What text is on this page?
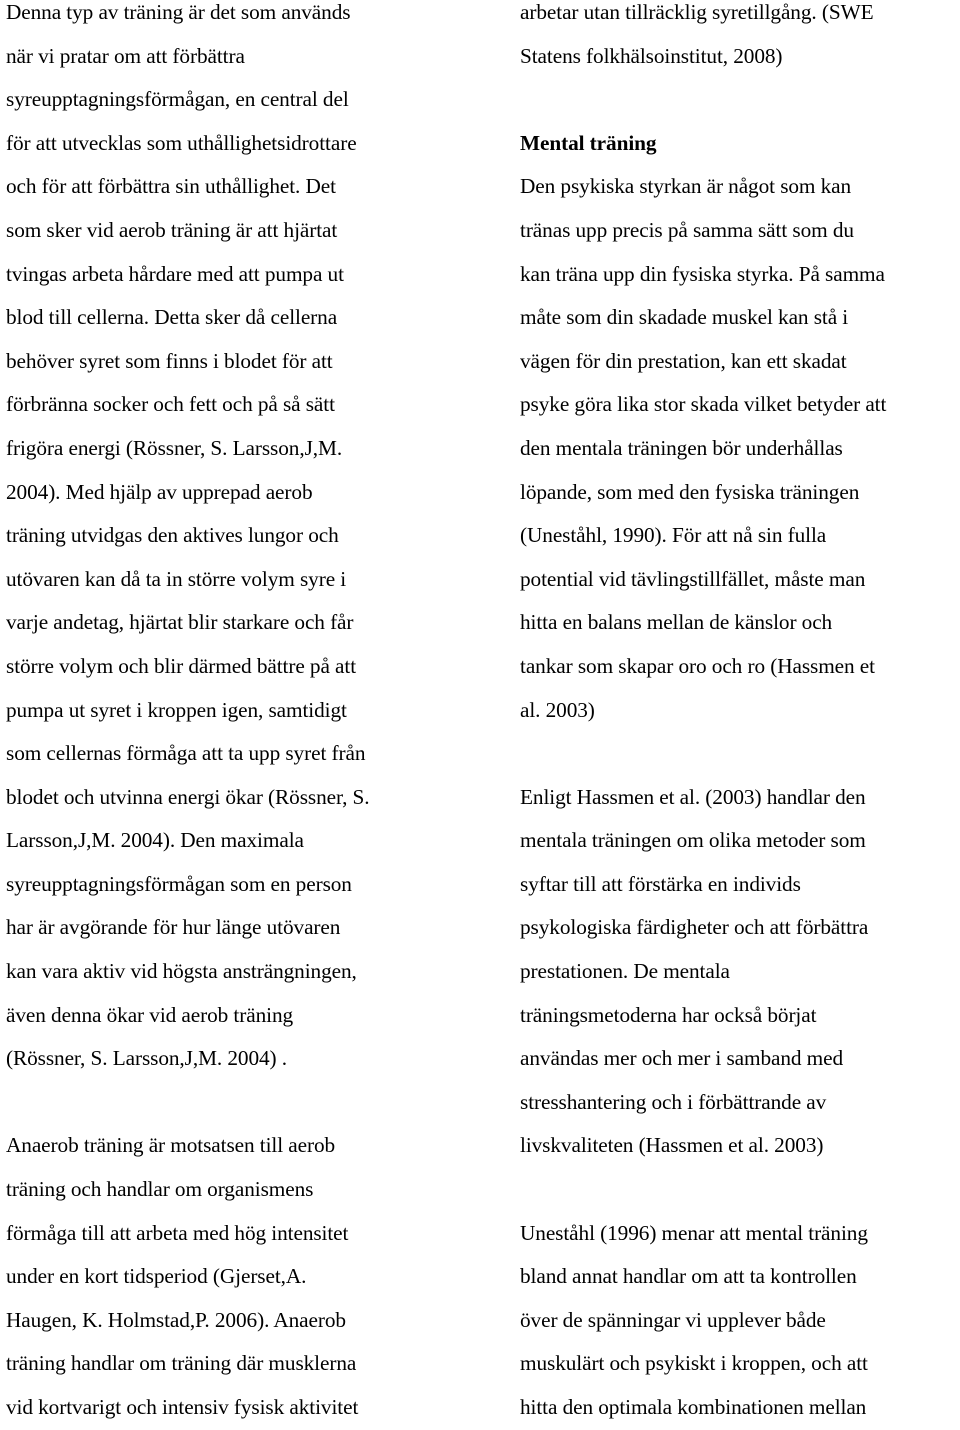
Denna typ av träning är det som används
när vi pratar om att förbättra
syreupptagningsförmågan, en central del
för att utvecklas som uthållighetsidrottare
och för att förbättra sin uthållighet. Det
som sker vid aerob träning är att hjärtat
tvingas arbeta hårdare med att pumpa ut
blod till cellerna. Detta sker då cellerna
behöver syret som finns i blodet för att
förbränna socker och fett och på så sätt
frigöra energi (Rössner, S. Larsson,J,M.
2004). Med hjälp av upprepad aerob
träning utvidgas den aktives lungor och
utövaren kan då ta in större volym syre i
varje andetag, hjärtat blir starkare och får
större volym och blir därmed bättre på att
pumpa ut syret i kroppen igen, samtidigt
som cellernas förmåga att ta upp syret från
blodet och utvinna energi ökar (Rössner, S.
Larsson,J,M. 2004). Den maximala
syreupptagningsförmågan som en person
har är avgörande för hur länge utövaren
kan vara aktiv vid högsta ansträngningen,
även denna ökar vid aerob träning
(Rössner, S. Larsson,J,M. 2004) .
Anaerob träning är motsatsen till aerob
träning och handlar om organismens
förmåga till att arbeta med hög intensitet
under en kort tidsperiod (Gjerset,A.
Haugen, K. Holmstad,P. 2006). Anaerob
träning handlar om träning där musklerna
vid kortvarigt och intensiv fysisk aktivitet
arbetar utan tillräcklig syretillgång. (SWE
Statens folkhälsoinstitut, 2008)
Mental träning
Den psykiska styrkan är något som kan
tränas upp precis på samma sätt som du
kan träna upp din fysiska styrka. På samma
måte som din skadade muskel kan stå i
vägen för din prestation, kan ett skadat
psyke göra lika stor skada vilket betyder att
den mentala träningen bör underhållas
löpande, som med den fysiska träningen
(Uneståhl, 1990). För att nå sin fulla
potential vid tävlingstillfället, måste man
hitta en balans mellan de känslor och
tankar som skapar oro och ro (Hassmen et
al. 2003)
Enligt Hassmen et al. (2003) handlar den
mentala träningen om olika metoder som
syftar till att förstärka en individs
psykologiska färdigheter och att förbättra
prestationen. De mentala
träningsmetoderna har också börjat
användas mer och mer i samband med
stresshantering och i förbättrande av
livskvaliteten (Hassmen et al. 2003)
Uneståhl (1996) menar att mental träning
bland annat handlar om att ta kontrollen
över de spänningar vi upplever både
muskulärt och psykiskt i kroppen, och att
hitta den optimala kombinationen mellan
